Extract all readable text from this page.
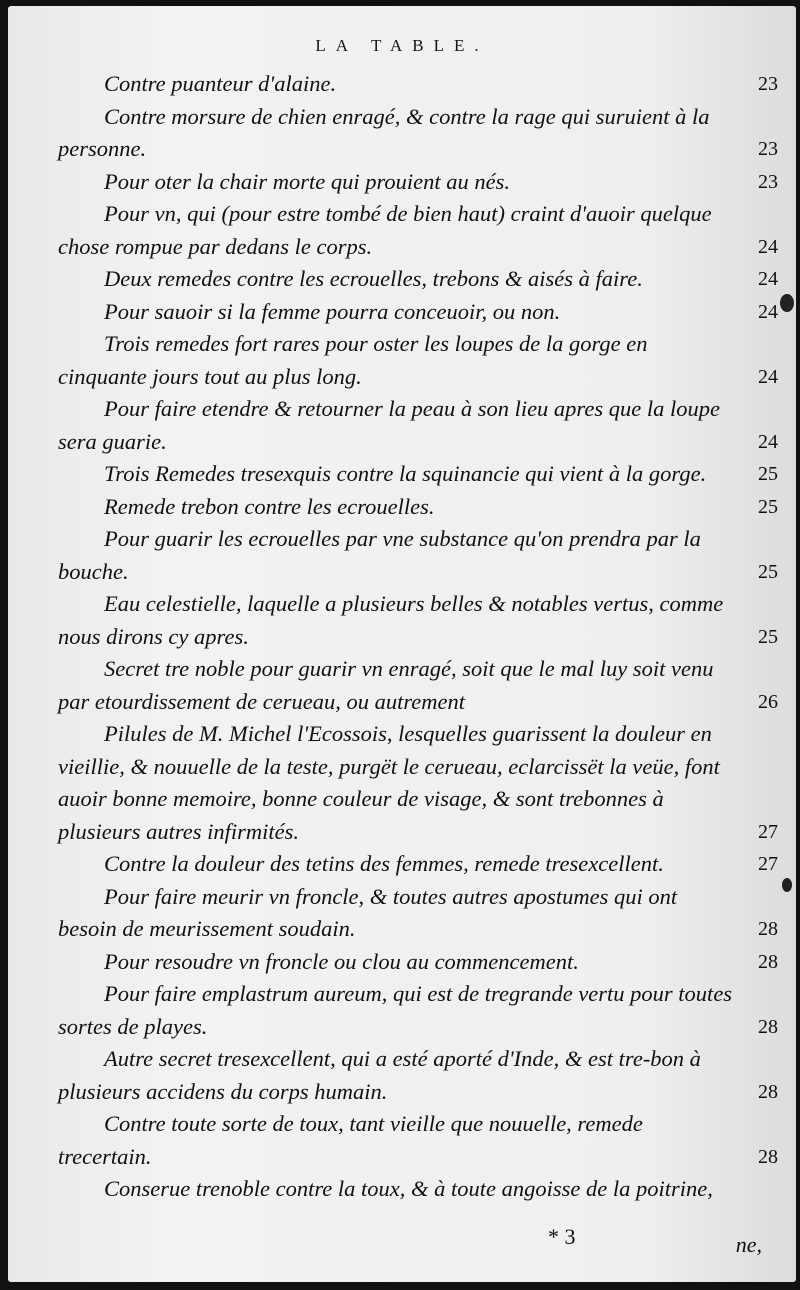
LA TABLE.
Contre puanteur d'alaine.	23
Contre morsure de chien enragé, & contre la rage qui suruient à la personne.	23
Pour oter la chair morte qui prouient au nés.	23
Pour vn, qui (pour estre tombé de bien haut) craint d'auoir quelque chose rompue par dedans le corps.	24
Deux remedes contre les ecrouelles, trebons & aisés à faire.	24
Pour sauoir si la femme pourra conceuoir, ou non.	24
Trois remedes fort rares pour oster les loupes de la gorge en cinquante jours tout au plus long.	24
Pour faire etendre & retourner la peau à son lieu apres que la loupe sera guarie.	24
Trois Remedes tresexquis contre la squinancie qui vient à la gorge.	25
Remede trebon contre les ecrouelles.	25
Pour guarir les ecrouelles par vne substance qu'on prendra par la bouche.	25
Eau celestielle, laquelle a plusieurs belles & notables vertus, comme nous dirons cy apres.	25
Secret tre noble pour guarir vn enragé, soit que le mal luy soit venu par etourdissement de cerueau, ou autrement	26
Pilules de M. Michel l'Ecossois, lesquelles guarissent la douleur en vieillie, & nouuelle de la teste, purgët le cerueau, eclarcissët la veüe, font auoir bonne memoire, bonne couleur de visage, & sont trebonnes à plusieurs autres infirmités.	27
Contre la douleur des tetins des femmes, remede tresexcellent.	27
Pour faire meurir vn froncle, & toutes autres apostumes qui ont besoin de meurissement soudain.	28
Pour resoudre vn froncle ou clou au commencement.	28
Pour faire emplastrum aureum, qui est de tregrande vertu pour toutes sortes de playes.	28
Autre secret tresexcellent, qui a esté aporté d'Inde, & est tre-bon à plusieurs accidens du corps humain.	28
Contre toute sorte de toux, tant vieille que nouuelle, remede trecertain.	28
Conserue trenoble contre la toux, & à toute angoisse de la poitrine,
* 3	ne,
